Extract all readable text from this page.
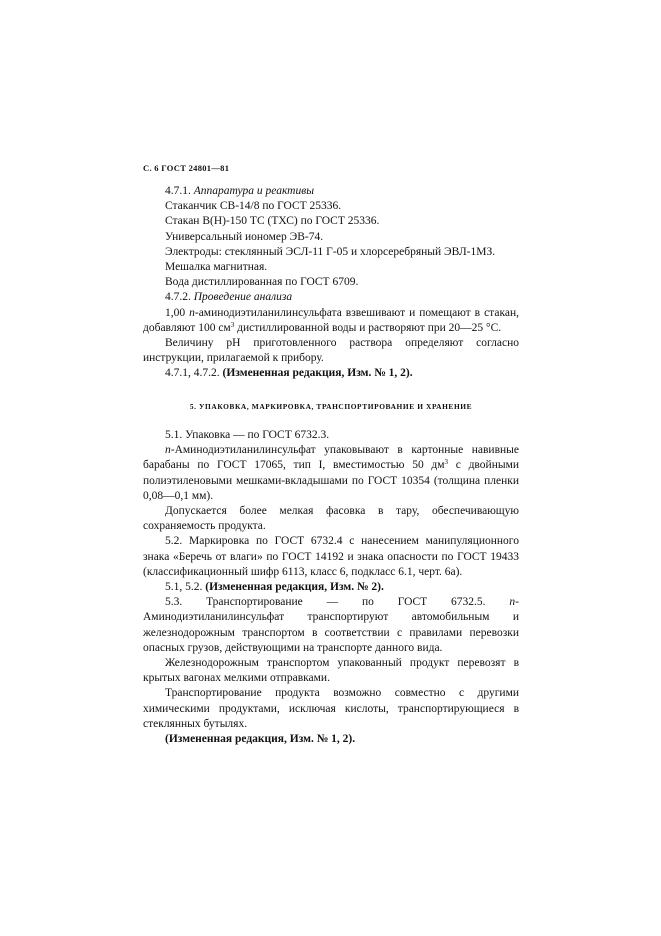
С. 6 ГОСТ 24801—81

4.7.1. Аппаратура и реактивы

Стаканчик СВ-14/8 по ГОСТ 25336.

Стакан В(Н)-150 ТС (ТХС) по ГОСТ 25336.

Универсальный иономер ЭВ-74.

Электроды: стеклянный ЭСЛ-11 Г-05 и хлорсеребряный ЭВЛ-1МЗ.

Мешалка магнитная.

Вода дистиллированная по ГОСТ 6709.

4.7.2. Проведение анализа

1,00 п-аминодиэтиланилинсульфата взвешивают и помещают в стакан, добавляют 100 $см^3$ дистиллированной воды и растворяют при 20—25 °С.

Величину pH приготовленного раствора определяют согласно инструкции, прилагаемой к прибору.

4.7.1, 4.7.2. (Измененная редакция, Изм. № 1, 2).

5. УПАКОВКА, МАРКИРОВКА, ТРАНСПОРТИРОВАНИЕ И ХРАНЕНИЕ

5.1. Упаковка — по ГОСТ 6732.3.

п-Аминодиэтиланилинсульфат упаковывают в картонные навивные барабаны по ГОСТ 17065, тип I, вместимостью 50 $дм^3$ с двойными полиэтиленовыми мешками-вкладышами по ГОСТ 10354 (толщина пленки 0,08—0,1 мм).

Допускается более мелкая фасовка в тару, обеспечивающую сохраняемость продукта.

5.2. Маркировка по ГОСТ 6732.4 с нанесением манипуляционного знака «Беречь от влаги» по ГОСТ 14192 и знака опасности по ГОСТ 19433 (классификационный шифр 6113, класс 6, подкласс 6.1, черт. 6а).

5.1, 5.2. (Измененная редакция, Изм. № 2).

5.3. Транспортирование — по ГОСТ 6732.5. п-Аминодиэтиланилинсульфат транспортируют автомобильным и железнодорожным транспортом в соответствии с правилами перевозки опасных грузов, действующими на транспорте данного вида.

Железнодорожным транспортом упакованный продукт перевозят в крытых вагонах мелкими отправками.

Транспортирование продукта возможно совместно с другими химическими продуктами, исключая кислоты, транспортирующиеся в стеклянных бутылях.

(Измененная редакция, Изм. № 1, 2).
